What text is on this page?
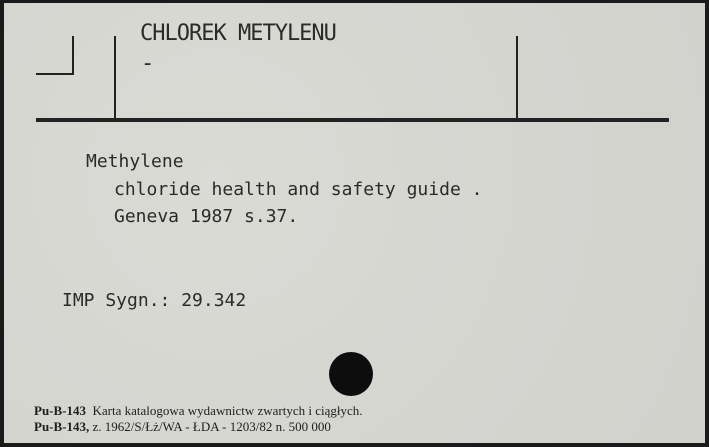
CHLOREK METYLENU
-
Methylene
chloride health and safety guide .
Geneva 1987 s.37.
IMP Sygn.: 29.342
Pu-B-143 Karta katalogowa wydawnictw zwartych i ciągłych.
Pu-B-143, z. 1962/S/Łż/WA - ŁDA - 1203/82 n. 500 000
